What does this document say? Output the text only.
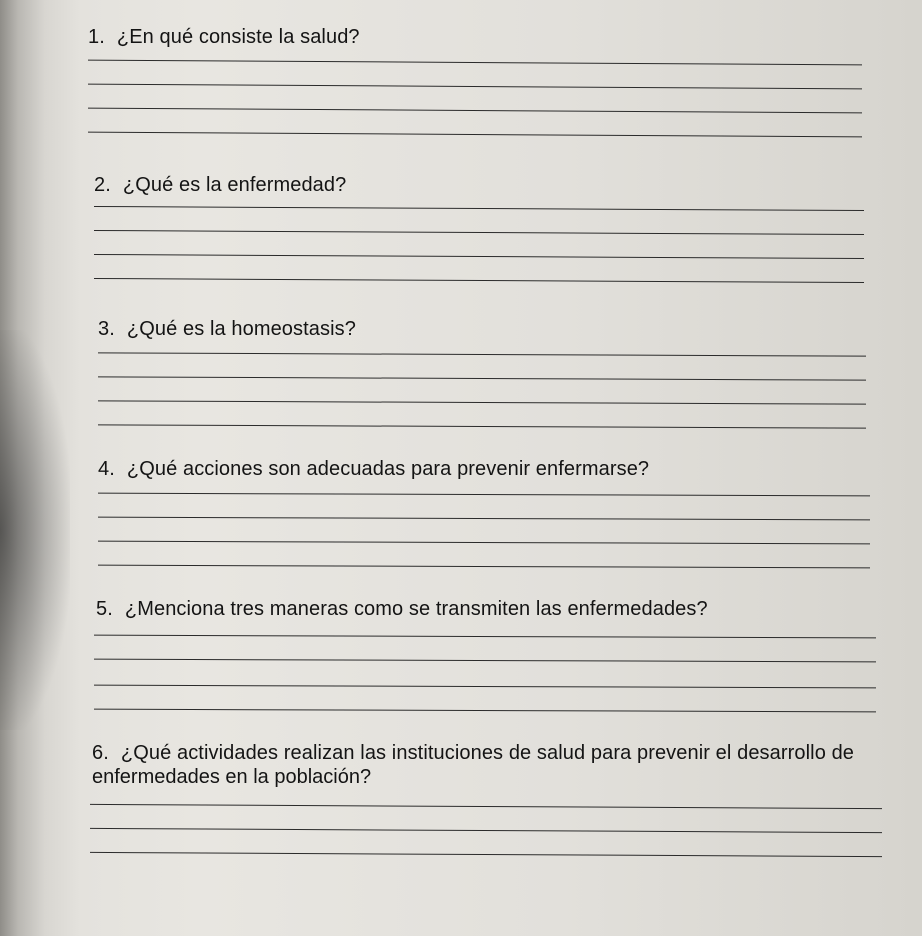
1. ¿En qué consiste la salud?
2. ¿Qué es la enfermedad?
3. ¿Qué es la homeostasis?
4. ¿Qué acciones son adecuadas para prevenir enfermarse?
5. ¿Menciona tres maneras como se transmiten las enfermedades?
6. ¿Qué actividades realizan las instituciones de salud para prevenir el desarrollo de
enfermedades en la población?
